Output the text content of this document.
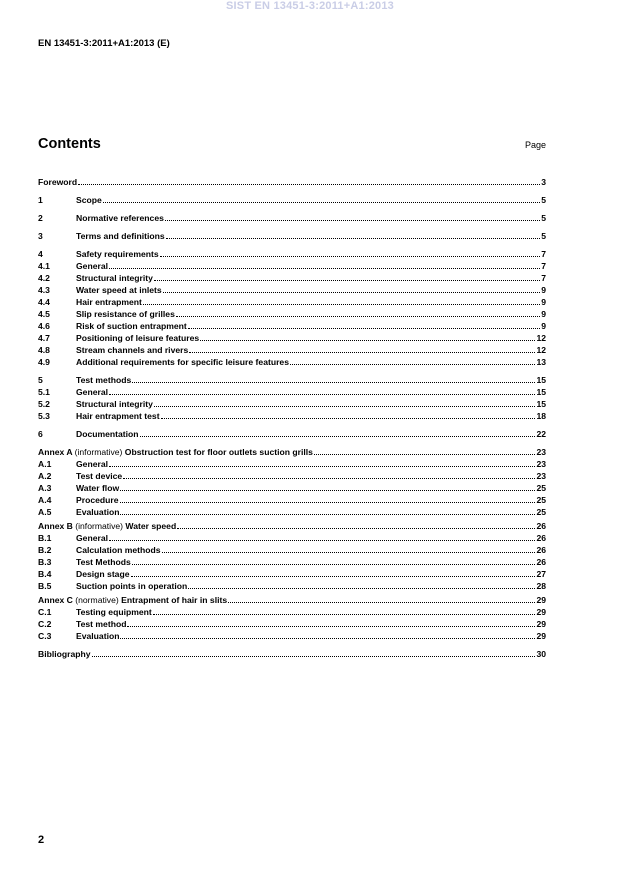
SIST EN 13451-3:2011+A1:2013
EN 13451-3:2011+A1:2013 (E)
Contents	Page
Foreword	3
1	Scope	5
2	Normative references	5
3	Terms and definitions	5
4	Safety requirements	7
4.1	General	7
4.2	Structural integrity	7
4.3	Water speed at inlets	9
4.4	Hair entrapment	9
4.5	Slip resistance of grilles	9
4.6	Risk of suction entrapment	9
4.7	Positioning of leisure features	12
4.8	Stream channels and rivers	12
4.9	Additional requirements for specific leisure features	13
5	Test methods	15
5.1	General	15
5.2	Structural integrity	15
5.3	Hair entrapment test	18
6	Documentation	22
Annex A (informative) Obstruction test for floor outlets suction grills	23
A.1	General	23
A.2	Test device	23
A.3	Water flow	25
A.4	Procedure	25
A.5	Evaluation	25
Annex B (informative) Water speed	26
B.1	General	26
B.2	Calculation methods	26
B.3	Test Methods	26
B.4	Design stage	27
B.5	Suction points in operation	28
Annex C (normative) Entrapment of hair in slits	29
C.1	Testing equipment	29
C.2	Test method	29
C.3	Evaluation	29
Bibliography	30
2
